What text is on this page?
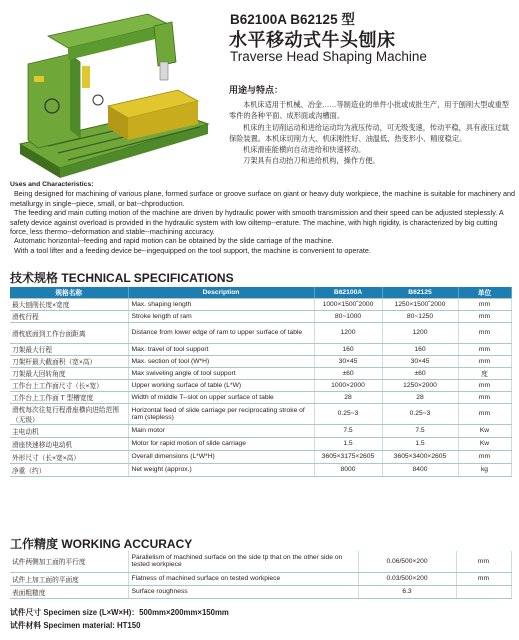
B62100A B62125 型
水平移动式牛头刨床
Traverse Head Shaping Machine
用途与特点：

本机床适用于机械、冶金……等制造业的单件小批或成批生产，用于刨削大型或重型零件的各种平面、成形面或沟槽面。

机床的主切削运动和进给运动均为液压传动，可无级变速，传动平稳，具有液压过载保险装置。本机床切削力大、机床刚性好、油温低、热变形小、精度稳定。

机床滑座能横向自动进给和快速移动。

刀架具有自动抬刀和进给机构，操作方便。

Uses and Characteristics:

Being designed for machining of various plane, formed surface or groove surface on giant or heavy duty workpiece, the machine is suitable for machinery and metallurgy in single--piece, small, or bat--chproduction.

The feeding and main cutting motion of the machine are driven by hydraulic power with smooth transmission and their speed can be adjusted steplessly. A safety device against overload is provided in the hydraulic system with low oiltemp--erature. The machine, with high rigidity, is characterized by big cutting force, less thermo--deformation and stable--machining accuracy.

Automatic horizontal--feeding and rapid motion can be obtained by the slide carriage of the machine.

With a tool lifter and a feeding device be--ingequipped on the tool support, the machine is convenient to operate.

技术规格 TECHNICAL SPECIFICATIONS
规格名称	Description	B62100A	B62125	单位
最大刨削长度×宽度	Max. shaping length	1000×1500˜2000	1250×1500˜2000	mm
滑枕行程	Stroke length of ram	80~1000	80~1250	mm
滑枕底面到工作台面距离	Distance from lower edge of ram to upper surface of table	1200	1200	mm
刀架最大行程	Max. travel of tool support	160	160	mm
刀架杆最大截面积（宽×高）	Max. section of tool (W*H)	30×45	30×45	mm
刀架最大回转角度	Max swiveling angle of tool support	±60	±60	度
工作台上工作面尺寸（长×宽）	Upper working surface of table (L*W)	1000×2000	1250×2000	mm
工作台上工作面 T 型槽宽度	Width of middle T--slot on upper surface of table	28	28	mm
滑枕每次往复行程滑座横向进给范围（无级）	Horizontal feed of slide carriage per reciprocating stroke of ram (stepless)	0.25~3	0.25~3	mm
主电动机	Main motor	7.5	7.5	Kw
滑座快速移动电动机	Motor for rapid motion of slide carriage	1.5	1.5	Kw
外形尺寸（长×宽×高）	Overall dimensions (L*W*H)	3605×3175×2605	3605×3400×2605	mm
净重（约）	Net weight (approx.)	8000	8400	kg
工作精度 WORKING ACCURACY
试件两侧加工面的平行度	Parallelism of machined surface on the side tp that on the other side on tested workpiece	0.06/500×200	mm
试件上加工面的平面度	Flatness of machined surface on tested workpiece	0.03/500×200	mm
表面粗糙度	Surface roughness	6.3	
试件尺寸 Specimen size (L×W×H)：500mm×200mm×150mm
试件材料 Specimen material: HT150
